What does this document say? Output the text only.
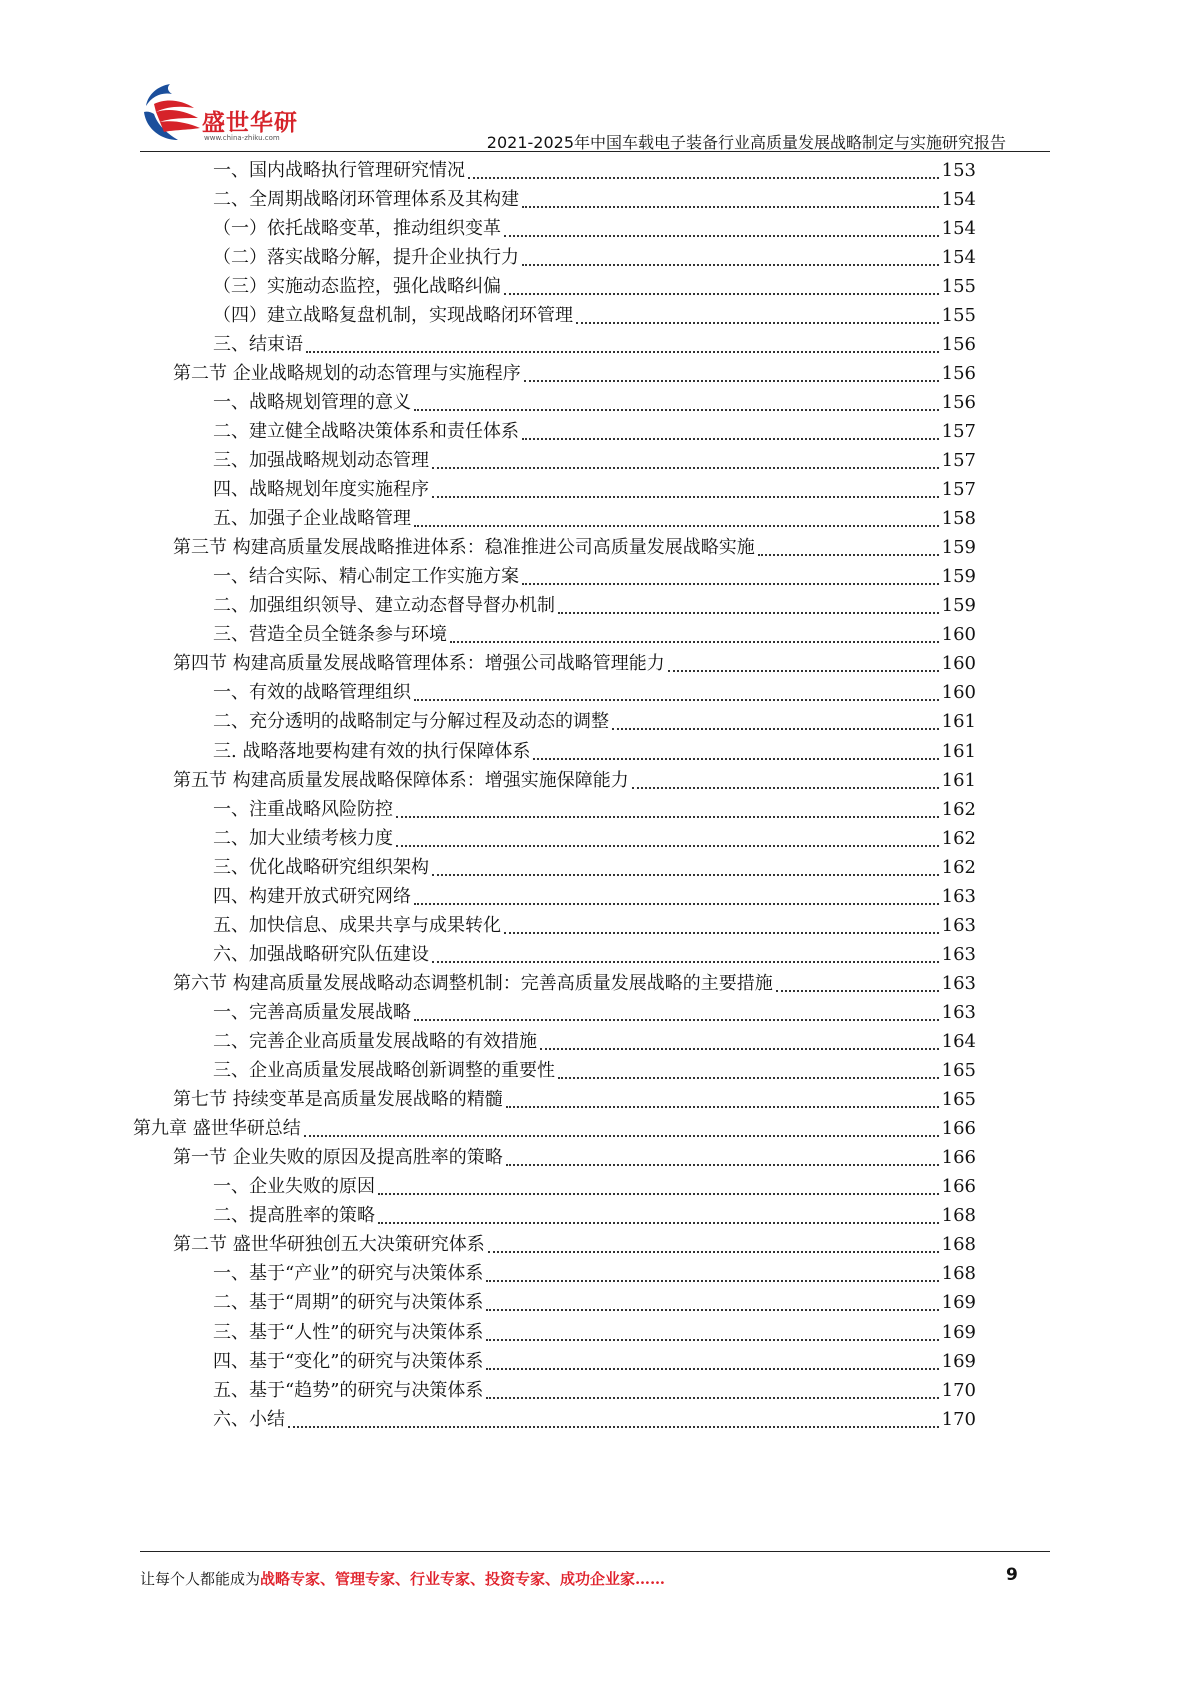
盛世华研
www.china-zhiku.com	2021-2025年中国车载电子装备行业高质量发展战略制定与实施研究报告
一、国内战略执行管理研究情况	153
二、全周期战略闭环管理体系及其构建	154
（一）依托战略变革，推动组织变革	154
（二）落实战略分解，提升企业执行力	154
（三）实施动态监控，强化战略纠偏	155
（四）建立战略复盘机制，实现战略闭环管理	155
三、结束语	156
第二节 企业战略规划的动态管理与实施程序	156
一、战略规划管理的意义	156
二、建立健全战略决策体系和责任体系	157
三、加强战略规划动态管理	157
四、战略规划年度实施程序	157
五、加强子企业战略管理	158
第三节 构建高质量发展战略推进体系：稳准推进公司高质量发展战略实施	159
一、结合实际、精心制定工作实施方案	159
二、加强组织领导、建立动态督导督办机制	159
三、营造全员全链条参与环境	160
第四节 构建高质量发展战略管理体系：增强公司战略管理能力	160
一、有效的战略管理组织	160
二、充分透明的战略制定与分解过程及动态的调整	161
三. 战略落地要构建有效的执行保障体系	161
第五节 构建高质量发展战略保障体系：增强实施保障能力	161
一、注重战略风险防控	162
二、加大业绩考核力度	162
三、优化战略研究组织架构	162
四、构建开放式研究网络	163
五、加快信息、成果共享与成果转化	163
六、加强战略研究队伍建设	163
第六节 构建高质量发展战略动态调整机制：完善高质量发展战略的主要措施	163
一、完善高质量发展战略	163
二、完善企业高质量发展战略的有效措施	164
三、企业高质量发展战略创新调整的重要性	165
第七节 持续变革是高质量发展战略的精髓	165
第九章 盛世华研总结	166
第一节 企业失败的原因及提高胜率的策略	166
一、企业失败的原因	166
二、提高胜率的策略	168
第二节 盛世华研独创五大决策研究体系	168
一、基于“产业”的研究与决策体系	168
二、基于“周期”的研究与决策体系	169
三、基于“人性”的研究与决策体系	169
四、基于“变化”的研究与决策体系	169
五、基于“趋势”的研究与决策体系	170
六、小结	170
让每个人都能成为战略专家、管理专家、行业专家、投资专家、成功企业家……	9
